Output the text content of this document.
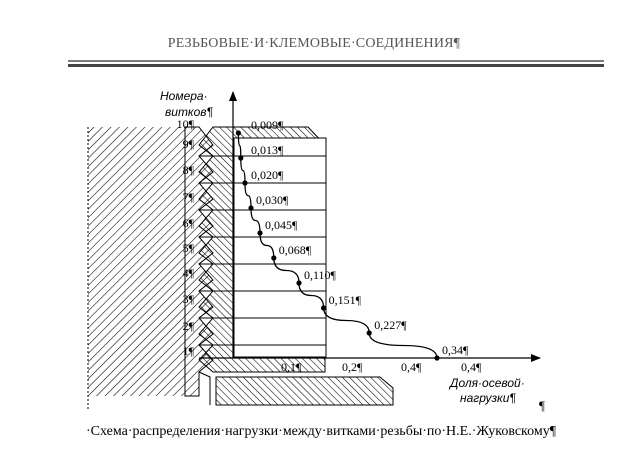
РЕЗЬБОВЫЕ·И·КЛЕМОВЫЕ·СОЕДИНЕНИЯ¶
Номера·
витков¶
Доля·осевой·
нагрузки¶ ¶
1¶
2¶
3¶
4¶
5¶
6¶
7¶
8¶
9¶
10¶
0,1¶	0,2¶	0,4¶	0,4¶
0,34¶
0,227¶
0,151¶
0,110¶
0,068¶
0,045¶
0,030¶
0,020¶
0,013¶
0,009¶
·Схема·распределения·нагрузки·между·витками·резьбы·по·Н.Е.·Жуковскому¶
